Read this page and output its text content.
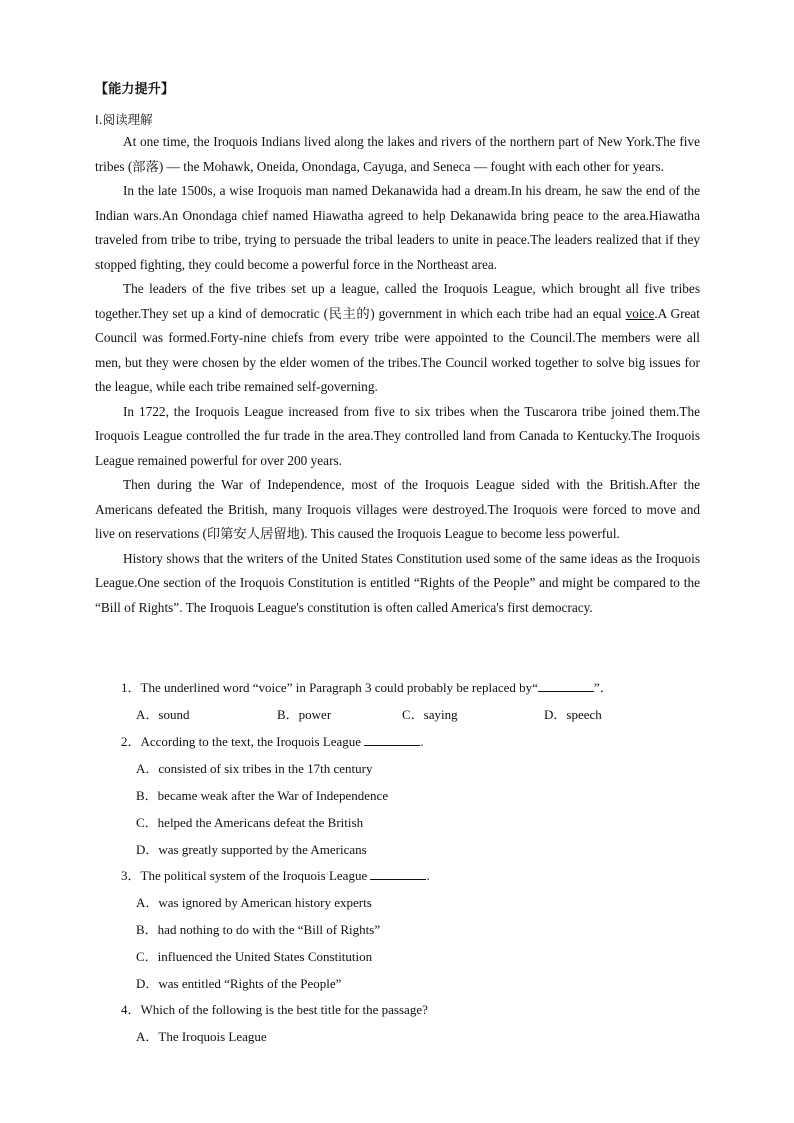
【能力提升】
Ⅰ.阅读理解

At one time, the Iroquois Indians lived along the lakes and rivers of the northern part of New York.The five tribes (部落) — the Mohawk, Oneida, Onondaga, Cayuga, and Seneca — fought with each other for years.

In the late 1500s, a wise Iroquois man named Dekanawida had a dream.In his dream, he saw the end of the Indian wars.An Onondaga chief named Hiawatha agreed to help Dekanawida bring peace to the area.Hiawatha traveled from tribe to tribe, trying to persuade the tribal leaders to unite in peace.The leaders realized that if they stopped fighting, they could become a powerful force in the Northeast area.

The leaders of the five tribes set up a league, called the Iroquois League, which brought all five tribes together.They set up a kind of democratic (民主的) government in which each tribe had an equal voice.A Great Council was formed.Forty-nine chiefs from every tribe were appointed to the Council.The members were all men, but they were chosen by the elder women of the tribes.The Council worked together to solve big issues for the league, while each tribe remained self-governing.

In 1722, the Iroquois League increased from five to six tribes when the Tuscarora tribe joined them.The Iroquois League controlled the fur trade in the area.They controlled land from Canada to Kentucky.The Iroquois League remained powerful for over 200 years.

Then during the War of Independence, most of the Iroquois League sided with the British.After the Americans defeated the British, many Iroquois villages were destroyed.The Iroquois were forced to move and live on reservations (印第安人居留地). This caused the Iroquois League to become less powerful.

History shows that the writers of the United States Constitution used some of the same ideas as the Iroquois League.One section of the Iroquois Constitution is entitled “Rights of the People” and might be compared to the “Bill of Rights”. The Iroquois League's constitution is often called America's first democracy.

1．The underlined word “voice” in Paragraph 3 could probably be replaced by“	”．
A．sound	B．power	C．saying	D．speech
2．According to the text, the Iroquois League	.
A．consisted of six tribes in the 17th century
B．became weak after the War of Independence
C．helped the Americans defeat the British
D．was greatly supported by the Americans
3．The political system of the Iroquois League	.
A．was ignored by American history experts
B．had nothing to do with the “Bill of Rights”
C．influenced the United States Constitution
D．was entitled “Rights of the People”
4．Which of the following is the best title for the passage?
A．The Iroquois League
